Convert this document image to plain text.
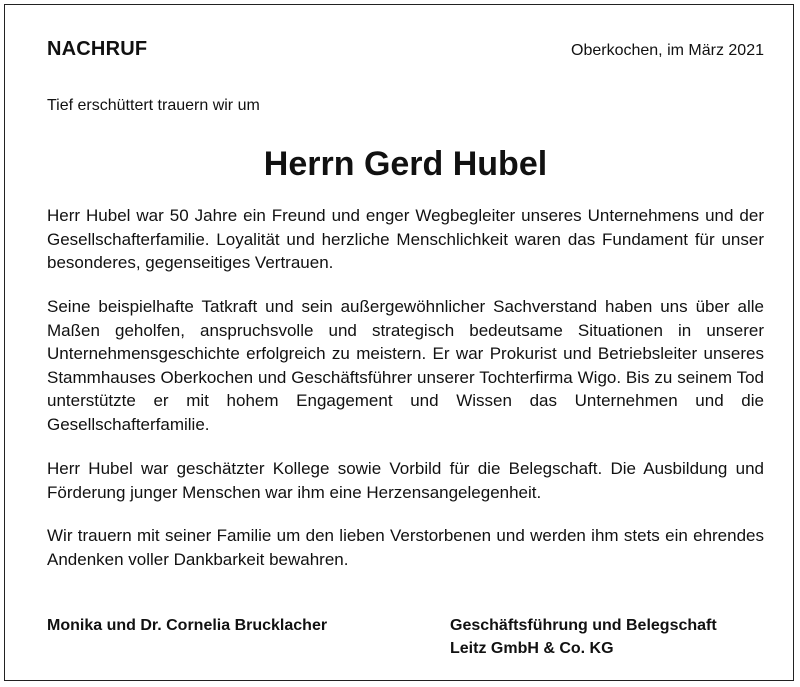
NACHRUF	Oberkochen, im März 2021
Tief erschüttert trauern wir um
Herrn Gerd Hubel

Herr Hubel war 50 Jahre ein Freund und enger Wegbegleiter unseres Unternehmens und der Gesellschafterfamilie. Loyalität und herzliche Menschlichkeit waren das Fundament für unser besonderes, gegenseitiges Vertrauen.

Seine beispielhafte Tatkraft und sein außergewöhnlicher Sachverstand haben uns über alle Maßen geholfen, anspruchsvolle und strategisch bedeutsame Situationen in unserer Unternehmensgeschichte erfolgreich zu meistern. Er war Prokurist und Betriebsleiter unseres Stammhauses Oberkochen und Geschäftsführer unserer Tochterfirma Wigo. Bis zu seinem Tod unterstützte er mit hohem Engagement und Wissen das Unternehmen und die Gesellschafterfamilie.

Herr Hubel war geschätzter Kollege sowie Vorbild für die Belegschaft. Die Ausbildung und Förderung junger Menschen war ihm eine Herzensangelegenheit.

Wir trauern mit seiner Familie um den lieben Verstorbenen und werden ihm stets ein ehrendes Andenken voller Dankbarkeit bewahren.

Monika und Dr. Cornelia Brucklacher	Geschäftsführung und Belegschaft
Leitz GmbH & Co. KG
